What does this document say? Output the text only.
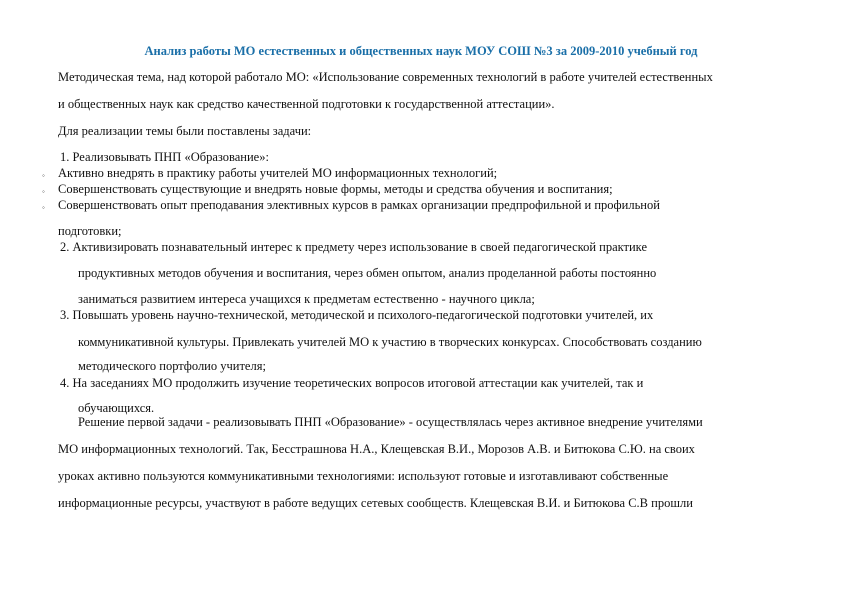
Анализ работы МО естественных и общественных наук МОУ СОШ №3 за 2009-2010 учебный год
Методическая тема, над которой работало МО: «Использование современных технологий в работе учителей естественных
и общественных наук как средство качественной подготовки к государственной аттестации».
Для реализации темы были поставлены задачи:
1. Реализовывать ПНП «Образование»:
◦ Активно внедрять в практику работы учителей МО информационных технологий;
◦ Совершенствовать существующие и внедрять новые формы, методы и средства обучения и воспитания;
◦ Совершенствовать опыт преподавания элективных курсов в рамках организации предпрофильной и профильной
подготовки;
2. Активизировать познавательный интерес к предмету через использование в своей педагогической практике
продуктивных методов обучения и воспитания, через обмен опытом, анализ проделанной работы постоянно
заниматься развитием интереса учащихся к предметам естественно - научного цикла;
3. Повышать уровень научно-технической, методической и психолого-педагогической подготовки учителей, их
коммуникативной культуры. Привлекать учителей МО к участию в творческих конкурсах. Способствовать созданию
методического портфолио учителя;
4. На заседаниях МО продолжить изучение теоретических вопросов итоговой аттестации как учителей, так и
обучающихся.
Решение первой задачи - реализовывать ПНП «Образование» - осуществлялась через активное внедрение учителями
МО информационных технологий. Так, Бесстрашнова Н.А., Клещевская В.И., Морозов А.В. и Битюкова С.Ю. на своих
уроках активно пользуются коммуникативными технологиями: используют готовые и изготавливают собственные
информационные ресурсы, участвуют в работе ведущих сетевых сообществ. Клещевская В.И. и Битюкова С.В прошли
